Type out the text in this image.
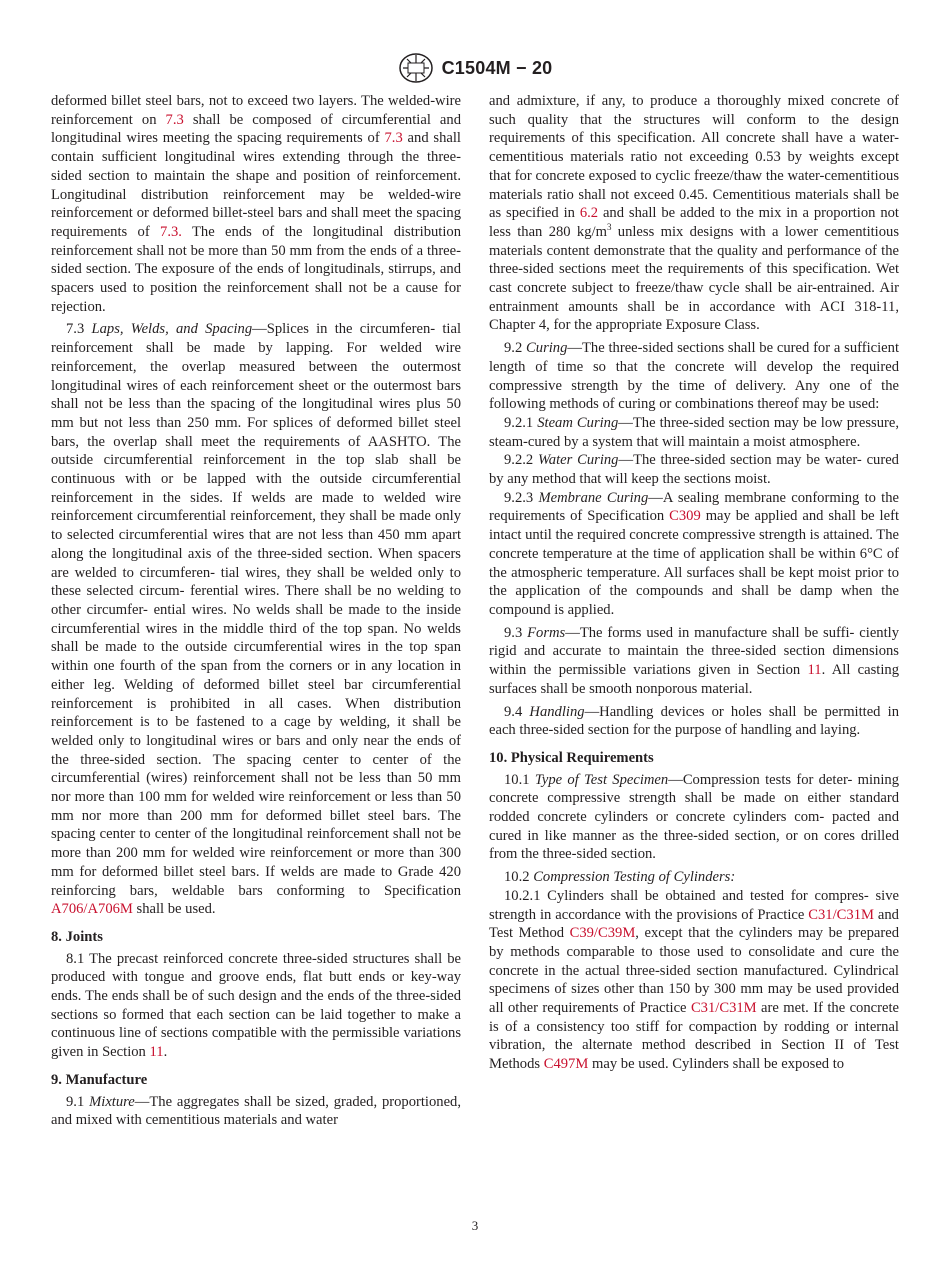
C1504M − 20

deformed billet steel bars, not to exceed two layers. The welded-wire reinforcement on 7.3 shall be composed of circumferential and longitudinal wires meeting the spacing requirements of 7.3 and shall contain sufficient longitudinal wires extending through the three-sided section to maintain the shape and position of reinforcement. Longitudinal distribution reinforcement may be welded-wire reinforcement or deformed billet-steel bars and shall meet the spacing requirements of 7.3. The ends of the longitudinal distribution reinforcement shall not be more than 50 mm from the ends of a three-sided section. The exposure of the ends of longitudinals, stirrups, and spacers used to position the reinforcement shall not be a cause for rejection.

7.3 Laps, Welds, and Spacing—Splices in the circumferen- tial reinforcement shall be made by lapping. For welded wire reinforcement, the overlap measured between the outermost longitudinal wires of each reinforcement sheet or the outermost bars shall not be less than the spacing of the longitudinal wires plus 50 mm but not less than 250 mm. For splices of deformed billet steel bars, the overlap shall meet the requirements of AASHTO. The outside circumferential reinforcement in the top slab shall be continuous with or be lapped with the outside circumferential reinforcement in the sides. If welds are made to welded wire reinforcement circumferential reinforcement, they shall be made only to selected circumferential wires that are not less than 450 mm apart along the longitudinal axis of the three-sided section. When spacers are welded to circumferen- tial wires, they shall be welded only to these selected circum- ferential wires. There shall be no welding to other circumfer- ential wires. No welds shall be made to the inside circumferential wires in the middle third of the top span. No welds shall be made to the outside circumferential wires in the top span within one fourth of the span from the corners or in any location in either leg. Welding of deformed billet steel bar circumferential reinforcement is prohibited in all cases. When distribution reinforcement is to be fastened to a cage by welding, it shall be welded only to longitudinal wires or bars and only near the ends of the three-sided section. The spacing center to center of the circumferential (wires) reinforcement shall not be less than 50 mm nor more than 100 mm for welded wire reinforcement or less than 50 mm nor more than 200 mm for deformed billet steel bars. The spacing center to center of the longitudinal reinforcement shall not be more than 200 mm for welded wire reinforcement or more than 300 mm for deformed billet steel bars. If welds are made to Grade 420 reinforcing bars, weldable bars conforming to Specification A706/A706M shall be used.

8. Joints

8.1 The precast reinforced concrete three-sided structures shall be produced with tongue and groove ends, flat butt ends or key-way ends. The ends shall be of such design and the ends of the three-sided sections so formed that each section can be laid together to make a continuous line of sections compatible with the permissible variations given in Section 11.

9. Manufacture

9.1 Mixture—The aggregates shall be sized, graded, proportioned, and mixed with cementitious materials and water

and admixture, if any, to produce a thoroughly mixed concrete of such quality that the structures will conform to the design requirements of this specification. All concrete shall have a water-cementitious materials ratio not exceeding 0.53 by weights except that for concrete exposed to cyclic freeze/thaw the water-cementitious materials ratio shall not exceed 0.45. Cementitious materials shall be as specified in 6.2 and shall be added to the mix in a proportion not less than 280 $kg/m^3$ unless mix designs with a lower cementitious materials content demonstrate that the quality and performance of the three-sided sections meet the requirements of this specification. Wet cast concrete subject to freeze/thaw cycle shall be air-entrained. Air entrainment amounts shall be in accordance with ACI 318-11, Chapter 4, for the appropriate Exposure Class.

9.2 Curing—The three-sided sections shall be cured for a sufficient length of time so that the concrete will develop the required compressive strength by the time of delivery. Any one of the following methods of curing or combinations thereof may be used:

9.2.1 Steam Curing—The three-sided section may be low pressure, steam-cured by a system that will maintain a moist atmosphere.

9.2.2 Water Curing—The three-sided section may be water- cured by any method that will keep the sections moist.

9.2.3 Membrane Curing—A sealing membrane conforming to the requirements of Specification C309 may be applied and shall be left intact until the required concrete compressive strength is attained. The concrete temperature at the time of application shall be within 6°C of the atmospheric temperature. All surfaces shall be kept moist prior to the application of the compounds and shall be damp when the compound is applied.

9.3 Forms—The forms used in manufacture shall be suffi- ciently rigid and accurate to maintain the three-sided section dimensions within the permissible variations given in Section 11. All casting surfaces shall be smooth nonporous material.

9.4 Handling—Handling devices or holes shall be permitted in each three-sided section for the purpose of handling and laying.

10. Physical Requirements

10.1 Type of Test Specimen—Compression tests for deter- mining concrete compressive strength shall be made on either standard rodded concrete cylinders or concrete cylinders com- pacted and cured in like manner as the three-sided section, or on cores drilled from the three-sided section.

10.2 Compression Testing of Cylinders:

10.2.1 Cylinders shall be obtained and tested for compres- sive strength in accordance with the provisions of Practice C31/C31M and Test Method C39/C39M, except that the cylinders may be prepared by methods comparable to those used to consolidate and cure the concrete in the actual three-sided section manufactured. Cylindrical specimens of sizes other than 150 by 300 mm may be used provided all other requirements of Practice C31/C31M are met. If the concrete is of a consistency too stiff for compaction by rodding or internal vibration, the alternate method described in Section II of Test Methods C497M may be used. Cylinders shall be exposed to

3
